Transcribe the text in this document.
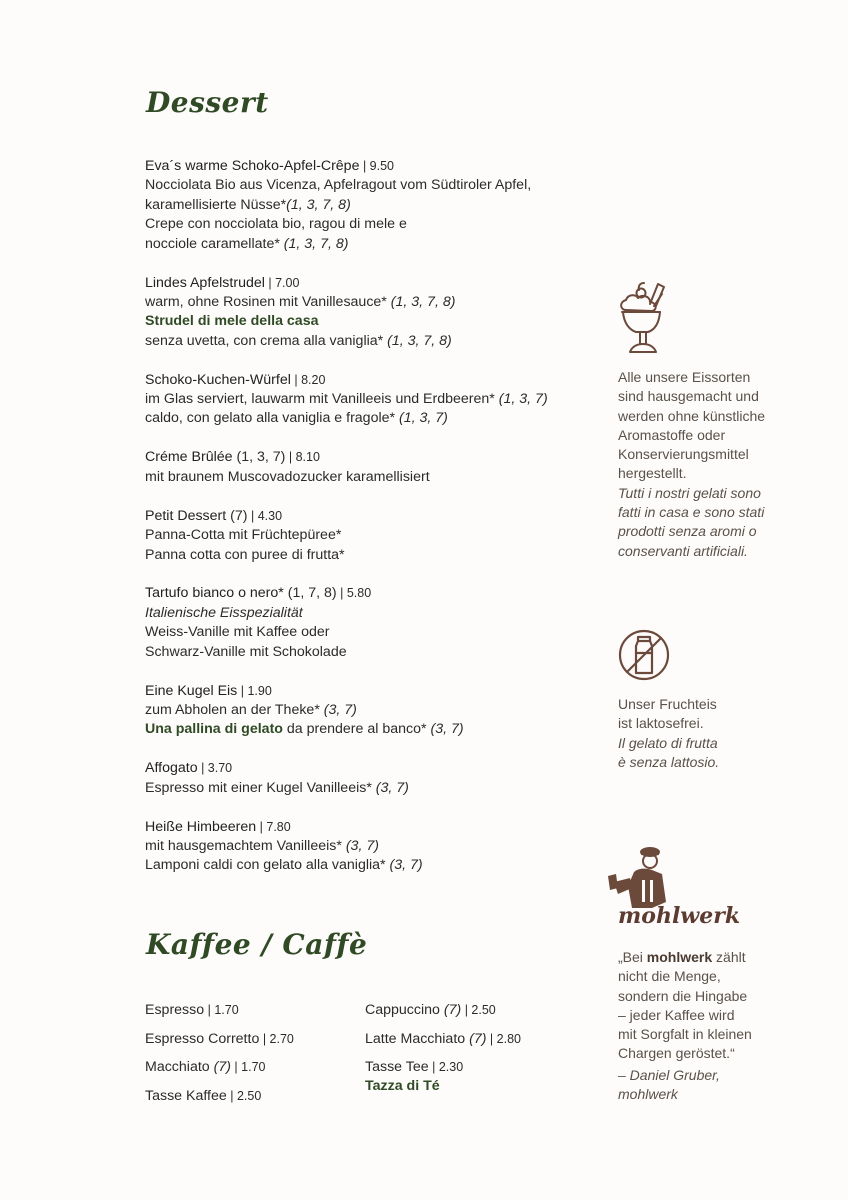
Dessert
Eva´s warme Schoko-Apfel-Crêpe | 9.50
Nocciolata Bio aus Vicenza, Apfelragout vom Südtiroler Apfel,
karamellisierte Nüsse*(1, 3, 7, 8)
Crepe con nocciolata bio, ragou di mele e
nocciole caramellate* (1, 3, 7, 8)
Lindes Apfelstrudel | 7.00
warm, ohne Rosinen mit Vanillesauce* (1, 3, 7, 8)
Strudel di mele della casa
senza uvetta, con crema alla vaniglia* (1, 3, 7, 8)
Schoko-Kuchen-Würfel | 8.20
im Glas serviert, lauwarm mit Vanilleeis und Erdbeeren* (1, 3, 7)
caldo, con gelato alla vaniglia e fragole* (1, 3, 7)
Créme Brûlée (1, 3, 7) | 8.10
mit braunem Muscovadozucker karamellisiert
Petit Dessert (7) | 4.30
Panna-Cotta mit Früchtepüree*
Panna cotta con puree di frutta*
Tartufo bianco o nero* (1, 7, 8) | 5.80
Italienische Eisspezialität
Weiss-Vanille mit Kaffee oder
Schwarz-Vanille mit Schokolade
Eine Kugel Eis | 1.90
zum Abholen an der Theke* (3, 7)
Una pallina di gelato da prendere al banco* (3, 7)
Affogato | 3.70
Espresso mit einer Kugel Vanilleeis* (3, 7)
Heiße Himbeeren | 7.80
mit hausgemachtem Vanilleeis* (3, 7)
Lamponi caldi con gelato alla vaniglia* (3, 7)
Kaffee / Caffè
Espresso | 1.70
Espresso Corretto | 2.70
Macchiato (7) | 1.70
Tasse Kaffee | 2.50
Cappuccino (7) | 2.50
Latte Macchiato (7) | 2.80
Tasse Tee | 2.30
Tazza di Té
Alle unsere Eissorten
sind hausgemacht und
werden ohne künstliche
Aromastoffe oder
Konservierungsmittel
hergestellt.
Tutti i nostri gelati sono
fatti in casa e sono stati
prodotti senza aromi o
conservanti artificiali.
Unser Fruchteis
ist laktosefrei.
Il gelato di frutta
è senza lattosio.
mohlwerk
„Bei mohlwerk zählt
nicht die Menge,
sondern die Hingabe
– jeder Kaffee wird
mit Sorgfalt in kleinen
Chargen geröstet.“
– Daniel Gruber,
mohlwerk
